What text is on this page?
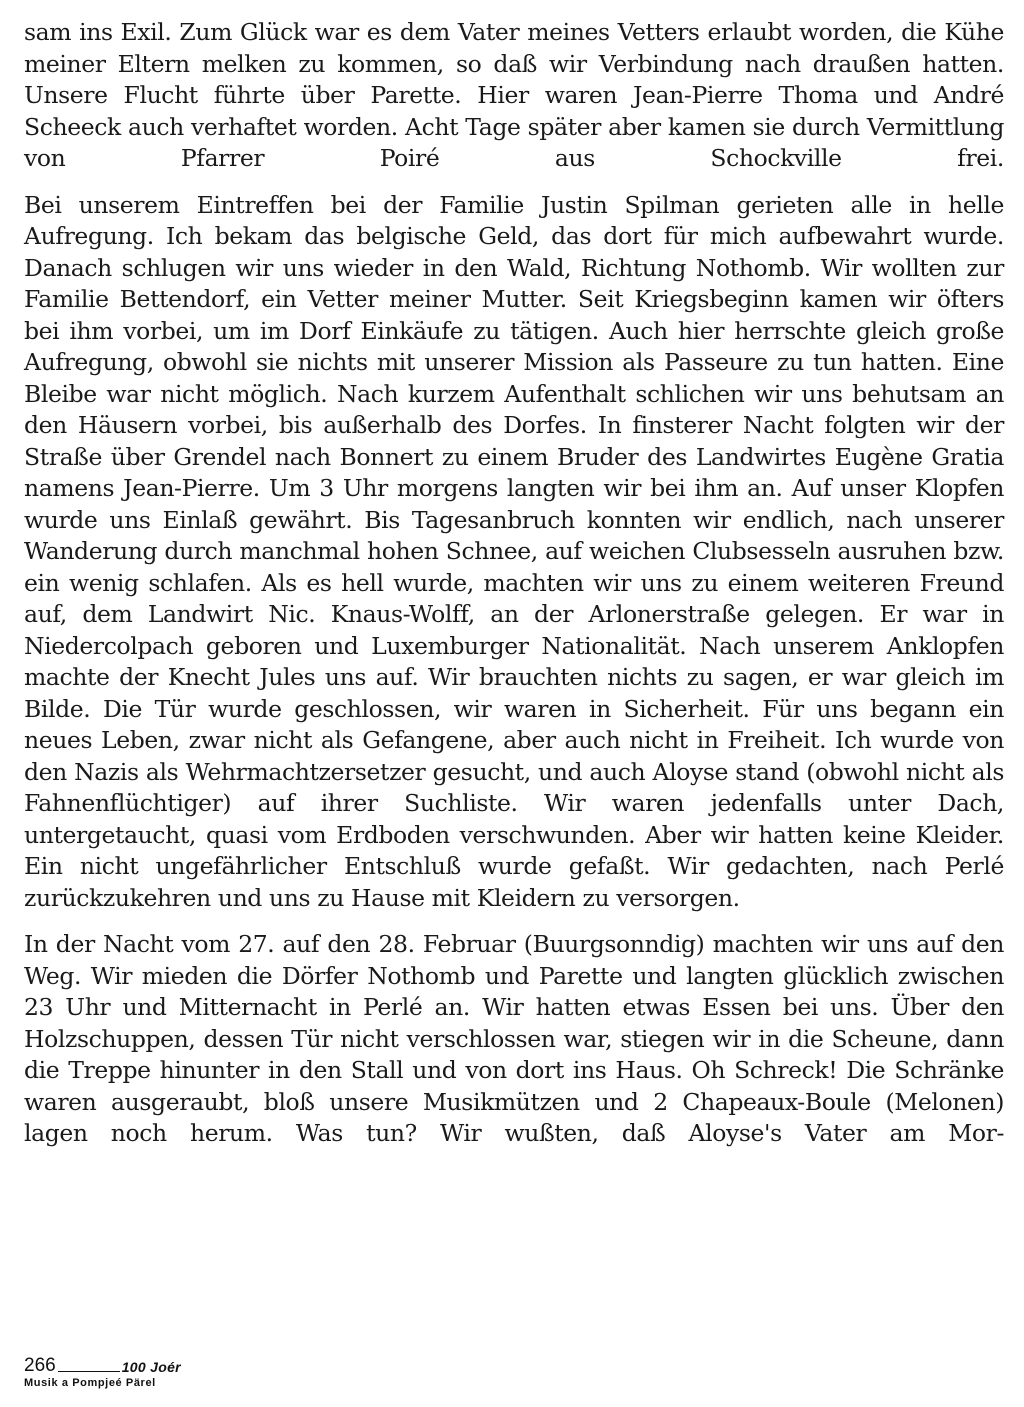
sam ins Exil. Zum Glück war es dem Vater meines Vetters erlaubt worden, die Kühe meiner Eltern melken zu kommen, so daß wir Verbindung nach draußen hatten. Unsere Flucht führte über Parette. Hier waren Jean-Pierre Thoma und André Scheeck auch verhaftet worden. Acht Tage später aber kamen sie durch Vermittlung von Pfarrer Poiré aus Schockville frei.

Bei unserem Eintreffen bei der Familie Justin Spilman gerieten alle in helle Aufregung. Ich bekam das belgische Geld, das dort für mich aufbewahrt wurde. Danach schlugen wir uns wieder in den Wald, Richtung Nothomb. Wir wollten zur Familie Bettendorf, ein Vetter meiner Mutter. Seit Kriegsbeginn kamen wir öfters bei ihm vorbei, um im Dorf Einkäufe zu tätigen. Auch hier herrschte gleich große Aufregung, obwohl sie nichts mit unserer Mission als Passeure zu tun hatten. Eine Bleibe war nicht möglich. Nach kurzem Aufenthalt schlichen wir uns behutsam an den Häusern vorbei, bis außerhalb des Dorfes. In finsterer Nacht folgten wir der Straße über Grendel nach Bonnert zu einem Bruder des Landwirtes Eugène Gratia namens Jean-Pierre. Um 3 Uhr morgens langten wir bei ihm an. Auf unser Klopfen wurde uns Einlaß gewährt. Bis Tagesanbruch konnten wir endlich, nach unserer Wanderung durch manchmal hohen Schnee, auf weichen Clubsesseln ausruhen bzw. ein wenig schlafen. Als es hell wurde, machten wir uns zu einem weiteren Freund auf, dem Landwirt Nic. Knaus-Wolff, an der Arlonerstraße gelegen. Er war in Niedercolpach geboren und Luxemburger Nationalität. Nach unserem Anklopfen machte der Knecht Jules uns auf. Wir brauchten nichts zu sagen, er war gleich im Bilde. Die Tür wurde geschlossen, wir waren in Sicherheit. Für uns begann ein neues Leben, zwar nicht als Gefangene, aber auch nicht in Freiheit. Ich wurde von den Nazis als Wehrmachtzersetzer gesucht, und auch Aloyse stand (obwohl nicht als Fahnenflüchtiger) auf ihrer Suchliste. Wir waren jedenfalls unter Dach, untergetaucht, quasi vom Erdboden verschwunden. Aber wir hatten keine Kleider. Ein nicht ungefährlicher Entschluß wurde gefaßt. Wir gedachten, nach Perlé zurückzukehren und uns zu Hause mit Kleidern zu versorgen.

In der Nacht vom 27. auf den 28. Februar (Buurgsonndig) machten wir uns auf den Weg. Wir mieden die Dörfer Nothomb und Parette und langten glücklich zwischen 23 Uhr und Mitternacht in Perlé an. Wir hatten etwas Essen bei uns. Über den Holzschuppen, dessen Tür nicht verschlossen war, stiegen wir in die Scheune, dann die Treppe hinunter in den Stall und von dort ins Haus. Oh Schreck! Die Schränke waren ausgeraubt, bloß unsere Musikmützen und 2 Chapeaux-Boule (Melonen) lagen noch herum. Was tun? Wir wußten, daß Aloyse's Vater am Mor-

266	100 Joér
Musik a Pompjeé Pärel
